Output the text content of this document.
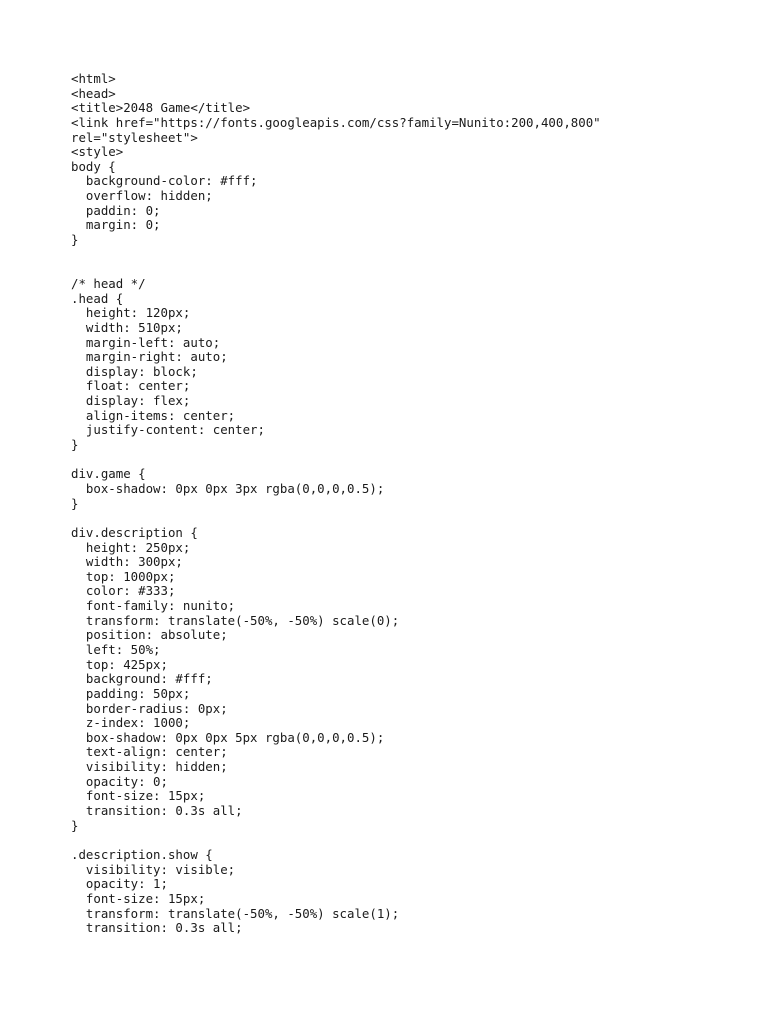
<html>
<head>
<title>2048 Game</title>
<link href="https://fonts.googleapis.com/css?family=Nunito:200,400,800"
rel="stylesheet">
<style>
body {
background-color: #fff;
overflow: hidden;
paddin: 0;
margin: 0;
}
/* head */
.head {
height: 120px;
width: 510px;
margin-left: auto;
margin-right: auto;
display: block;
float: center;
display: flex;
align-items: center;
justify-content: center;
}
div.game {
box-shadow: 0px 0px 3px rgba(0,0,0,0.5);
}
div.description {
height: 250px;
width: 300px;
top: 1000px;
color: #333;
font-family: nunito;
transform: translate(-50%, -50%) scale(0);
position: absolute;
left: 50%;
top: 425px;
background: #fff;
padding: 50px;
border-radius: 0px;
z-index: 1000;
box-shadow: 0px 0px 5px rgba(0,0,0,0.5);
text-align: center;
visibility: hidden;
opacity: 0;
font-size: 15px;
transition: 0.3s all;
}
.description.show {
visibility: visible;
opacity: 1;
font-size: 15px;
transform: translate(-50%, -50%) scale(1);
transition: 0.3s all;
